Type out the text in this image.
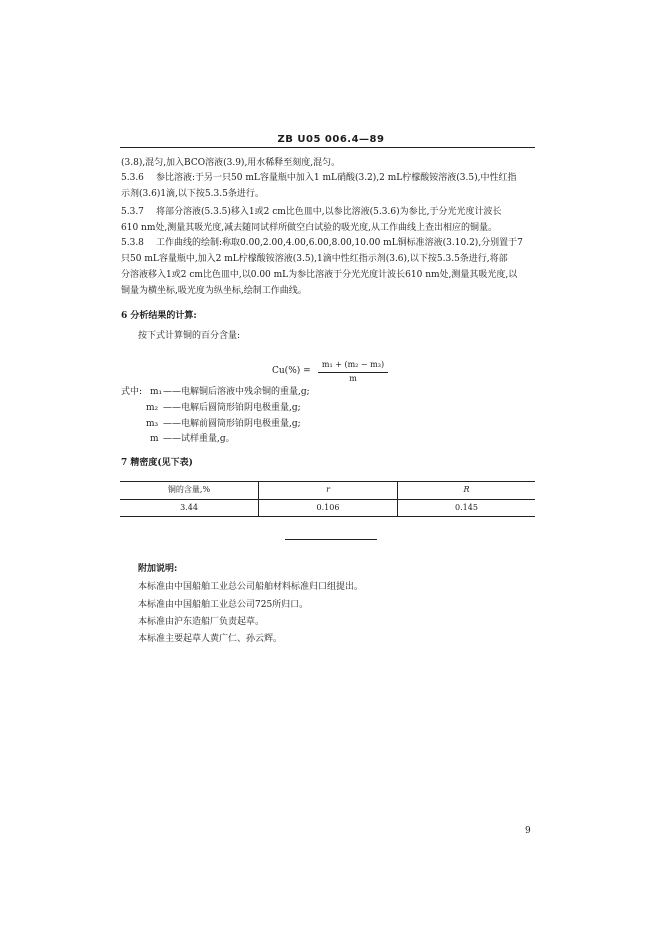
ZB U05 006.4—89
(3.8),混匀,加入BCO溶液(3.9),用水稀释至刻度,混匀。
5.3.6 参比溶液:于另一只50 mL容量瓶中加入1 mL硝酸(3.2),2 mL柠檬酸铵溶液(3.5),中性红指
示剂(3.6)1滴,以下按5.3.5条进行。
5.3.7 将部分溶液(5.3.5)移入1或2 cm比色皿中,以参比溶液(5.3.6)为参比,于分光光度计波长
610 nm处,测量其吸光度,减去随同试样所做空白试验的吸光度,从工作曲线上查出相应的铜量。
5.3.8 工作曲线的绘制:称取0.00,2.00,4.00,6.00,8.00,10.00 mL铜标准溶液(3.10.2),分别置于7
只50 mL容量瓶中,加入2 mL柠檬酸铵溶液(3.5),1滴中性红指示剂(3.6),以下按5.3.5条进行,将部
分溶液移入1或2 cm比色皿中,以0.00 mL为参比溶液于分光光度计波长610 nm处,测量其吸光度,以
铜量为横坐标,吸光度为纵坐标,绘制工作曲线。
6 分析结果的计算:
按下式计算铜的百分含量:
Cu(%) =
m₁ + (m₂ − m₃)
m
式中: m₁ ——电解铜后溶液中残余铜的重量,g;
m₂ ——电解后圆筒形铂阴电极重量,g;
m₃ ——电解前圆筒形铂阴电极重量,g;
m ——试样重量,g。
7 精密度(见下表)
铜的含量,%	r	R
3.44	0.106	0.145
附加说明:
本标准由中国船舶工业总公司船舶材料标准归口组提出。
本标准由中国船舶工业总公司725所归口。
本标准由沪东造船厂负责起草。
本标准主要起草人黄广仁、孙云辉。
9
